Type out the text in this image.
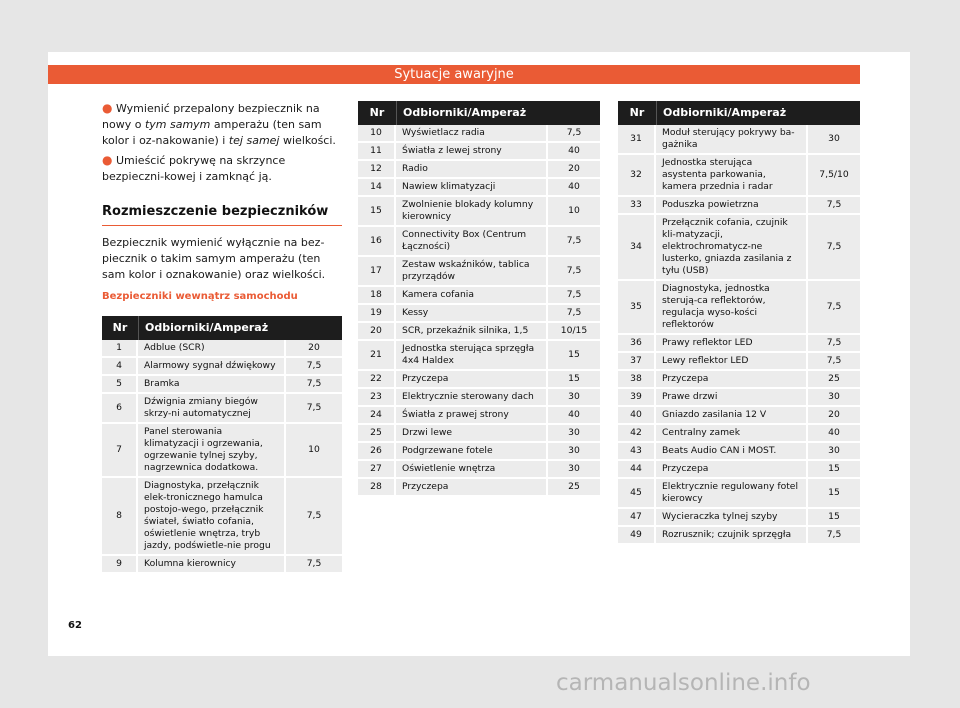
Sytuacje awaryjne
● Wymienić przepalony bezpiecznik na nowy o tym samym amperażu (ten sam kolor i oz-nakowanie) i tej samej wielkości.
● Umieścić pokrywę na skrzynce bezpieczni-kowej i zamknąć ją.
Rozmieszczenie bezpieczników
Bezpiecznik wymienić wyłącznie na bez-piecznik o takim samym amperażu (ten sam kolor i oznakowanie) oraz wielkości.
Bezpieczniki wewnątrz samochodu
Nr	Odbiorniki/Amperaż	
1	Adblue (SCR)	20
4	Alarmowy sygnał dźwiękowy	7,5
5	Bramka	7,5
6	Dźwignia zmiany biegów skrzy-ni automatycznej	7,5
7	Panel sterowania klimatyzacji i ogrzewania, ogrzewanie tylnej szyby, nagrzewnica dodatkowa.	10
8	Diagnostyka, przełącznik elek-tronicznego hamulca postojo-wego, przełącznik świateł, światło cofania, oświetlenie wnętrza, tryb jazdy, podświetle-nie progu	7,5
9	Kolumna kierownicy	7,5
Nr	Odbiorniki/Amperaż	
10	Wyświetlacz radia	7,5
11	Światła z lewej strony	40
12	Radio	20
14	Nawiew klimatyzacji	40
15	Zwolnienie blokady kolumny kierownicy	10
16	Connectivity Box (Centrum Łączności)	7,5
17	Zestaw wskaźników, tablica przyrządów	7,5
18	Kamera cofania	7,5
19	Kessy	7,5
20	SCR, przekaźnik silnika, 1,5	10/15
21	Jednostka sterująca sprzęgła 4x4 Haldex	15
22	Przyczepa	15
23	Elektrycznie sterowany dach	30
24	Światła z prawej strony	40
25	Drzwi lewe	30
26	Podgrzewane fotele	30
27	Oświetlenie wnętrza	30
28	Przyczepa	25
Nr	Odbiorniki/Amperaż	
31	Moduł sterujący pokrywy ba-gażnika	30
32	Jednostka sterująca asystenta parkowania, kamera przednia i radar	7,5/10
33	Poduszka powietrzna	7,5
34	Przełącznik cofania, czujnik kli-matyzacji, elektrochromatycz-ne lusterko, gniazda zasilania z tyłu (USB)	7,5
35	Diagnostyka, jednostka sterują-ca reflektorów, regulacja wyso-kości reflektorów	7,5
36	Prawy reflektor LED	7,5
37	Lewy reflektor LED	7,5
38	Przyczepa	25
39	Prawe drzwi	30
40	Gniazdo zasilania 12 V	20
42	Centralny zamek	40
43	Beats Audio CAN i MOST.	30
44	Przyczepa	15
45	Elektrycznie regulowany fotel kierowcy	15
47	Wycieraczka tylnej szyby	15
49	Rozrusznik; czujnik sprzęgła	7,5
62
carmanualsonline.info
